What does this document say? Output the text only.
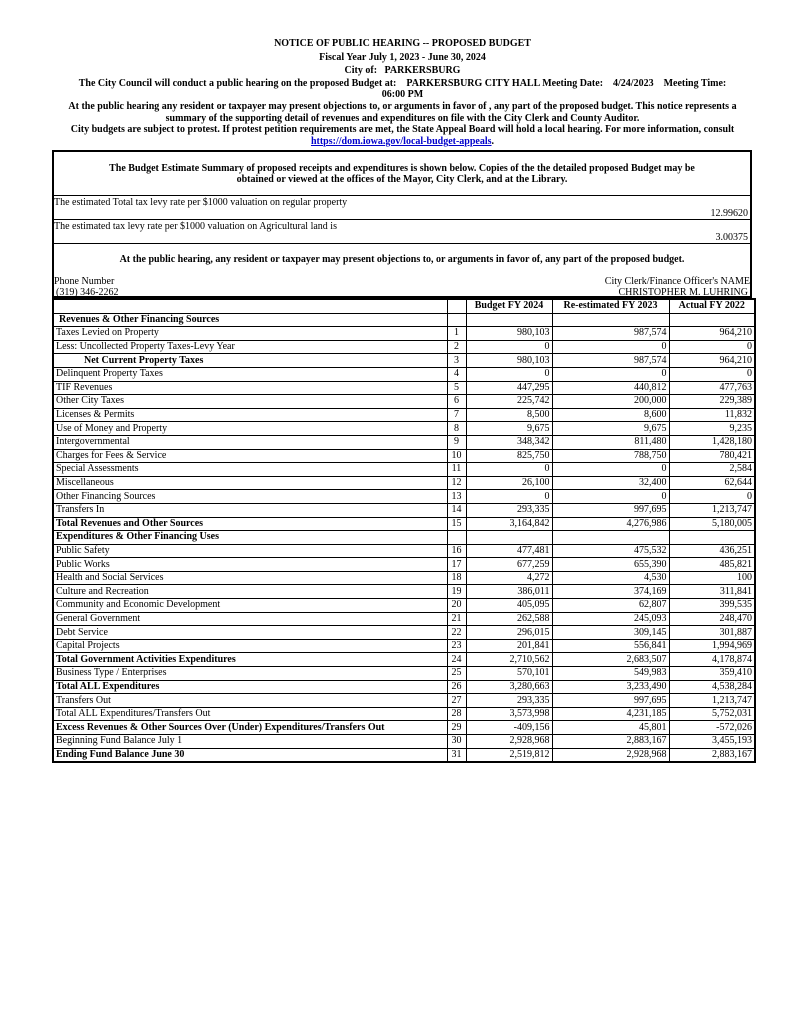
NOTICE OF PUBLIC HEARING -- PROPOSED BUDGET
Fiscal Year July 1, 2023 - June 30, 2024
City of: PARKERSBURG
The City Council will conduct a public hearing on the proposed Budget at: PARKERSBURG CITY HALL Meeting Date: 4/24/2023 Meeting Time:
06:00 PM
At the public hearing any resident or taxpayer may present objections to, or arguments in favor of , any part of the proposed budget. This notice represents a summary of the supporting detail of revenues and expenditures on file with the City Clerk and County Auditor.
City budgets are subject to protest. If protest petition requirements are met, the State Appeal Board will hold a local hearing. For more information, consult
https://dom.iowa.gov/local-budget-appeals.
The Budget Estimate Summary of proposed receipts and expenditures is shown below. Copies of the the detailed proposed Budget may be obtained or viewed at the offices of the Mayor, City Clerk, and at the Library.
The estimated Total tax levy rate per $1000 valuation on regular property
12.99620
The estimated tax levy rate per $1000 valuation on Agricultural land is
3.00375
At the public hearing, any resident or taxpayer may present objections to, or arguments in favor of, any part of the proposed budget.
Phone Number
(319) 346-2262
City Clerk/Finance Officer's NAME
CHRISTOPHER M. LUHRING
		Budget FY 2024	Re-estimated FY 2023	Actual FY 2022
Revenues & Other Financing Sources				
Taxes Levied on Property	1	980,103	987,574	964,210
Less: Uncollected Property Taxes-Levy Year	2	0	0	0
Net Current Property Taxes	3	980,103	987,574	964,210
Delinquent Property Taxes	4	0	0	0
TIF Revenues	5	447,295	440,812	477,763
Other City Taxes	6	225,742	200,000	229,389
Licenses & Permits	7	8,500	8,600	11,832
Use of Money and Property	8	9,675	9,675	9,235
Intergovernmental	9	348,342	811,480	1,428,180
Charges for Fees & Service	10	825,750	788,750	780,421
Special Assessments	11	0	0	2,584
Miscellaneous	12	26,100	32,400	62,644
Other Financing Sources	13	0	0	0
Transfers In	14	293,335	997,695	1,213,747
Total Revenues and Other Sources	15	3,164,842	4,276,986	5,180,005
Expenditures & Other Financing Uses				
Public Safety	16	477,481	475,532	436,251
Public Works	17	677,259	655,390	485,821
Health and Social Services	18	4,272	4,530	100
Culture and Recreation	19	386,011	374,169	311,841
Community and Economic Development	20	405,095	62,807	399,535
General Government	21	262,588	245,093	248,470
Debt Service	22	296,015	309,145	301,887
Capital Projects	23	201,841	556,841	1,994,969
Total Government Activities Expenditures	24	2,710,562	2,683,507	4,178,874
Business Type / Enterprises	25	570,101	549,983	359,410
Total ALL Expenditures	26	3,280,663	3,233,490	4,538,284
Transfers Out	27	293,335	997,695	1,213,747
Total ALL Expenditures/Transfers Out	28	3,573,998	4,231,185	5,752,031
Excess Revenues & Other Sources Over (Under) Expenditures/Transfers Out	29	-409,156	45,801	-572,026
Beginning Fund Balance July 1	30	2,928,968	2,883,167	3,455,193
Ending Fund Balance June 30	31	2,519,812	2,928,968	2,883,167
